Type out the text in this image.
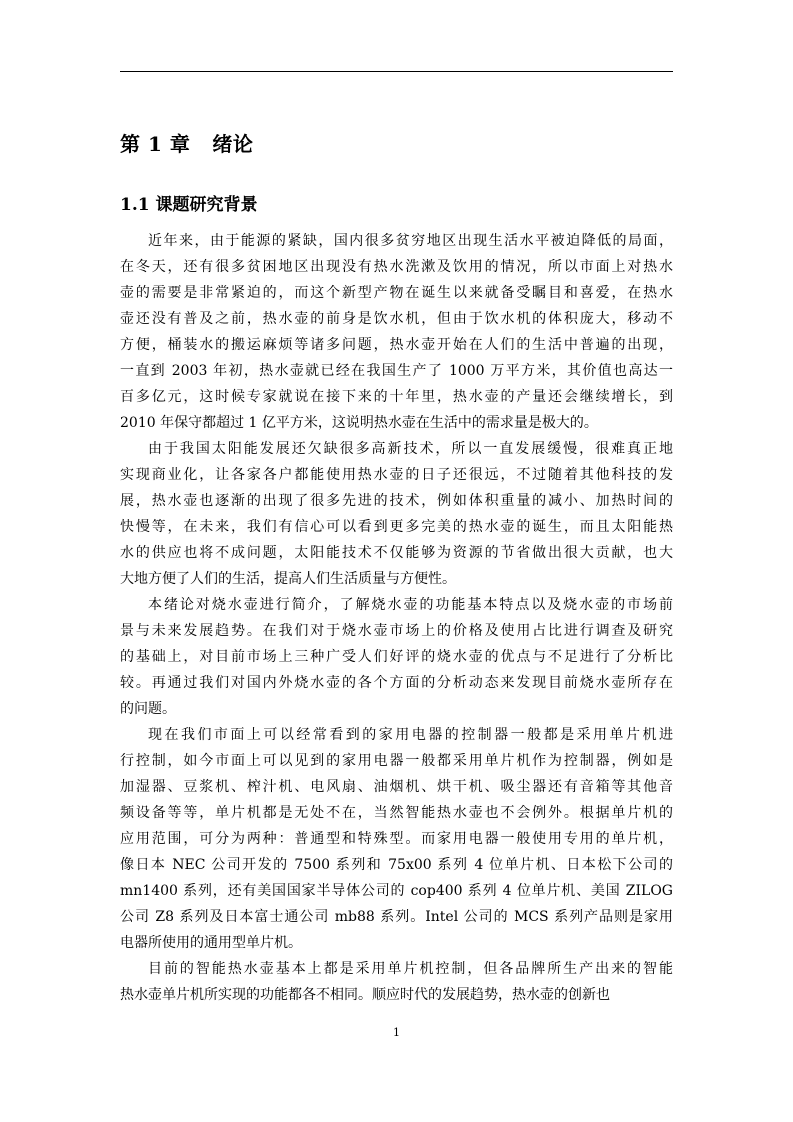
第 1 章 绪论
1.1 课题研究背景
近年来，由于能源的紧缺，国内很多贫穷地区出现生活水平被迫降低的局面，
在冬天，还有很多贫困地区出现没有热水洗漱及饮用的情况，所以市面上对热水
壶的需要是非常紧迫的，而这个新型产物在诞生以来就备受瞩目和喜爱，在热水
壶还没有普及之前，热水壶的前身是饮水机，但由于饮水机的体积庞大，移动不
方便，桶装水的搬运麻烦等诸多问题，热水壶开始在人们的生活中普遍的出现，
一直到 2003 年初，热水壶就已经在我国生产了 1000 万平方米，其价值也高达一
百多亿元，这时候专家就说在接下来的十年里，热水壶的产量还会继续增长，到
2010 年保守都超过 1 亿平方米，这说明热水壶在生活中的需求量是极大的。
由于我国太阳能发展还欠缺很多高新技术，所以一直发展缓慢，很难真正地
实现商业化，让各家各户都能使用热水壶的日子还很远，不过随着其他科技的发
展，热水壶也逐渐的出现了很多先进的技术，例如体积重量的减小、加热时间的
快慢等，在未来，我们有信心可以看到更多完美的热水壶的诞生，而且太阳能热
水的供应也将不成问题，太阳能技术不仅能够为资源的节省做出很大贡献，也大
大地方便了人们的生活，提高人们生活质量与方便性。
本绪论对烧水壶进行简介，了解烧水壶的功能基本特点以及烧水壶的市场前
景与未来发展趋势。在我们对于烧水壶市场上的价格及使用占比进行调查及研究
的基础上，对目前市场上三种广受人们好评的烧水壶的优点与不足进行了分析比
较。再通过我们对国内外烧水壶的各个方面的分析动态来发现目前烧水壶所存在
的问题。
现在我们市面上可以经常看到的家用电器的控制器一般都是采用单片机进
行控制，如今市面上可以见到的家用电器一般都采用单片机作为控制器，例如是
加湿器、豆浆机、榨汁机、电风扇、油烟机、烘干机、吸尘器还有音箱等其他音
频设备等等，单片机都是无处不在，当然智能热水壶也不会例外。根据单片机的
应用范围，可分为两种：普通型和特殊型。而家用电器一般使用专用的单片机，
像日本 NEC 公司开发的 7500 系列和 75x00 系列 4 位单片机、日本松下公司的
mn1400 系列，还有美国国家半导体公司的 cop400 系列 4 位单片机、美国 ZILOG
公司 Z8 系列及日本富士通公司 mb88 系列。Intel 公司的 MCS 系列产品则是家用
电器所使用的通用型单片机。
目前的智能热水壶基本上都是采用单片机控制，但各品牌所生产出来的智能
热水壶单片机所实现的功能都各不相同。顺应时代的发展趋势，热水壶的创新也
1
